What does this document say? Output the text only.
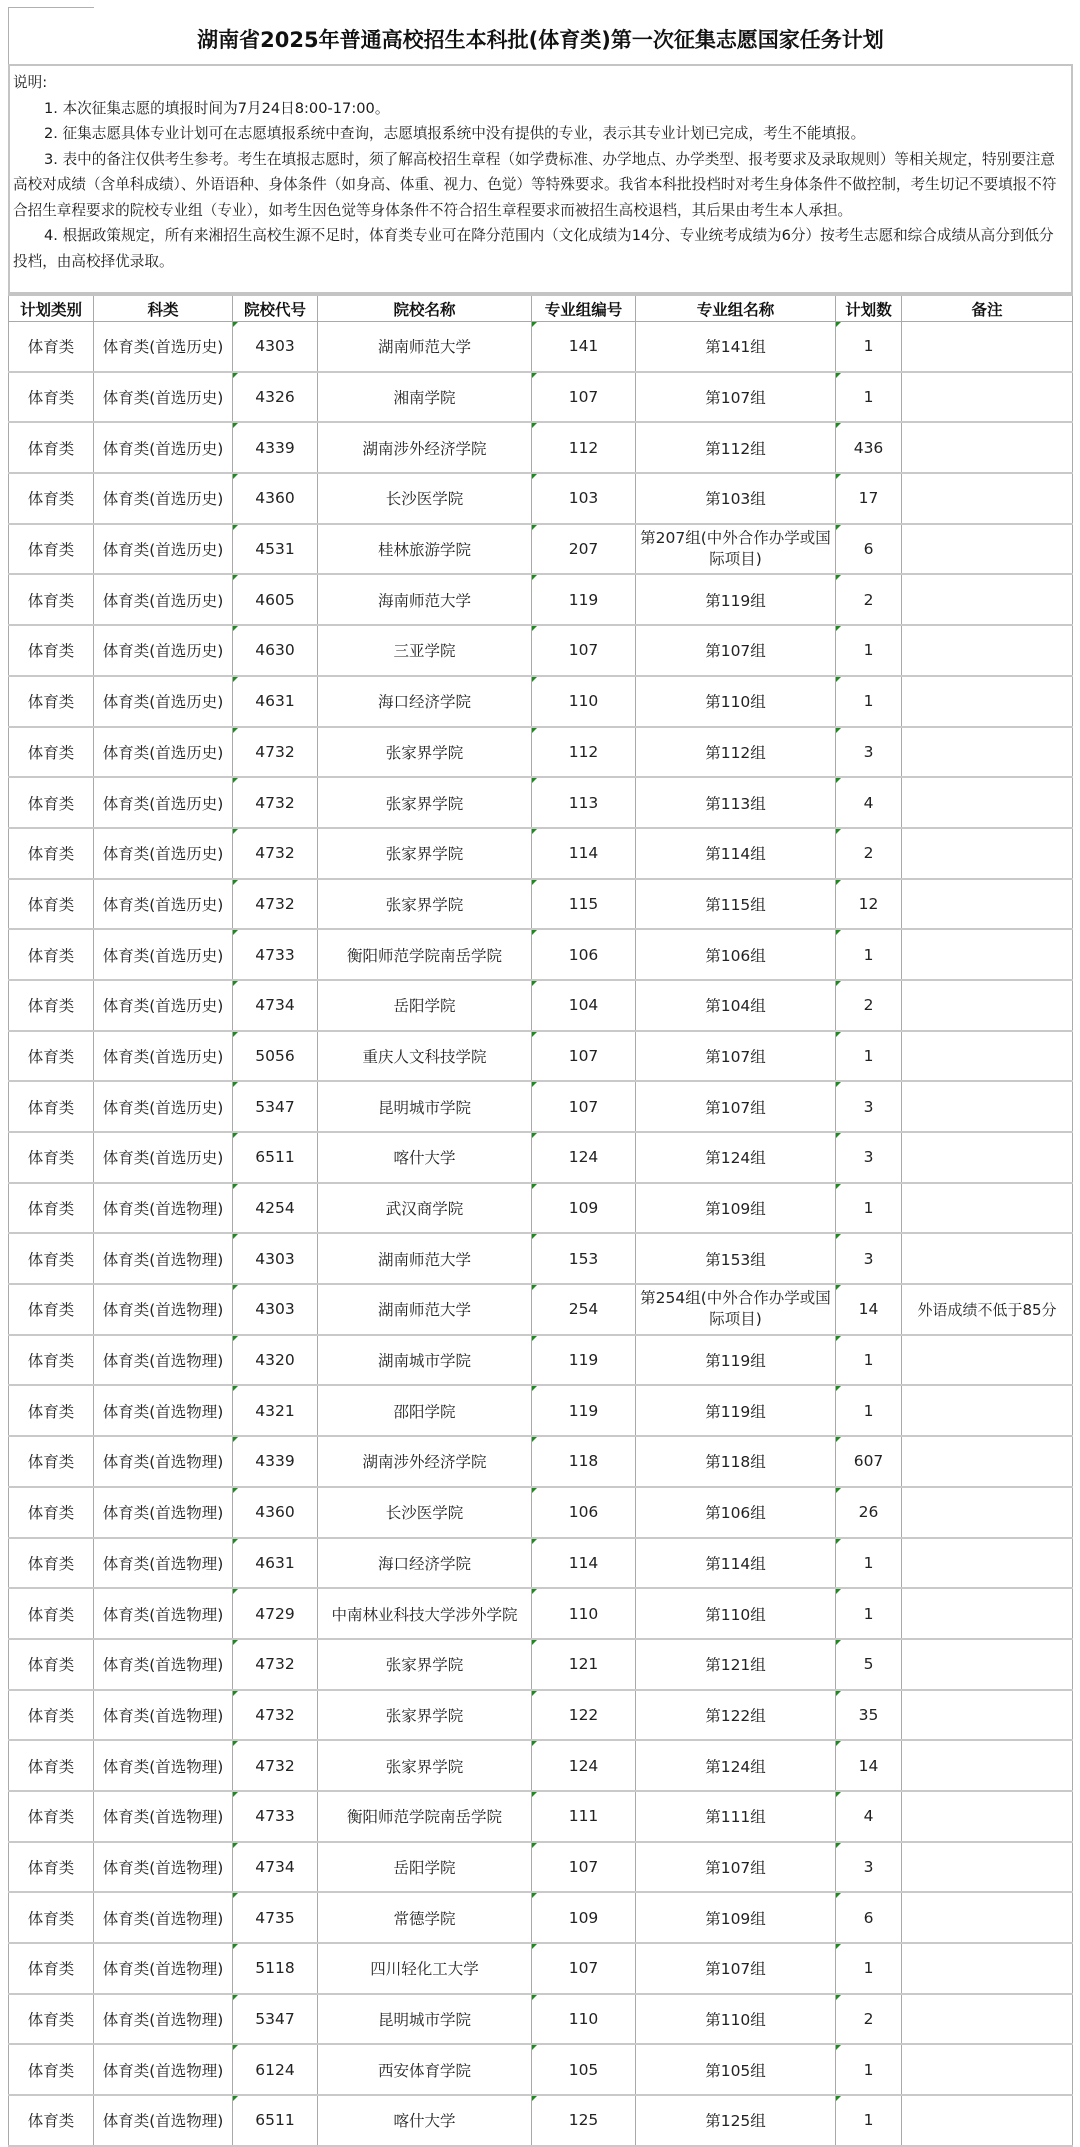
湖南省2025年普通高校招生本科批(体育类)第一次征集志愿国家任务计划

说明:

1. 本次征集志愿的填报时间为7月24日8:00-17:00。

2. 征集志愿具体专业计划可在志愿填报系统中查询，志愿填报系统中没有提供的专业，表示其专业计划已完成，考生不能填报。

3. 表中的备注仅供考生参考。考生在填报志愿时，须了解高校招生章程（如学费标准、办学地点、办学类型、报考要求及录取规则）等相关规定，特别要注意高校对成绩（含单科成绩）、外语语种、身体条件（如身高、体重、视力、色觉）等特殊要求。我省本科批投档时对考生身体条件不做控制，考生切记不要填报不符合招生章程要求的院校专业组（专业），如考生因色觉等身体条件不符合招生章程要求而被招生高校退档，其后果由考生本人承担。

4. 根据政策规定，所有来湘招生高校生源不足时，体育类专业可在降分范围内（文化成绩为14分、专业统考成绩为6分）按考生志愿和综合成绩从高分到低分投档，由高校择优录取。

计划类别	科类	院校代号	院校名称	专业组编号	专业组名称	计划数	备注
体育类	体育类(首选历史)	4303	湖南师范大学	141	第141组	1	
体育类	体育类(首选历史)	4326	湘南学院	107	第107组	1	
体育类	体育类(首选历史)	4339	湖南涉外经济学院	112	第112组	436	
体育类	体育类(首选历史)	4360	长沙医学院	103	第103组	17	
体育类	体育类(首选历史)	4531	桂林旅游学院	207	第207组(中外合作办学或国际项目)	6	
体育类	体育类(首选历史)	4605	海南师范大学	119	第119组	2	
体育类	体育类(首选历史)	4630	三亚学院	107	第107组	1	
体育类	体育类(首选历史)	4631	海口经济学院	110	第110组	1	
体育类	体育类(首选历史)	4732	张家界学院	112	第112组	3	
体育类	体育类(首选历史)	4732	张家界学院	113	第113组	4	
体育类	体育类(首选历史)	4732	张家界学院	114	第114组	2	
体育类	体育类(首选历史)	4732	张家界学院	115	第115组	12	
体育类	体育类(首选历史)	4733	衡阳师范学院南岳学院	106	第106组	1	
体育类	体育类(首选历史)	4734	岳阳学院	104	第104组	2	
体育类	体育类(首选历史)	5056	重庆人文科技学院	107	第107组	1	
体育类	体育类(首选历史)	5347	昆明城市学院	107	第107组	3	
体育类	体育类(首选历史)	6511	喀什大学	124	第124组	3	
体育类	体育类(首选物理)	4254	武汉商学院	109	第109组	1	
体育类	体育类(首选物理)	4303	湖南师范大学	153	第153组	3	
体育类	体育类(首选物理)	4303	湖南师范大学	254	第254组(中外合作办学或国际项目)	14	外语成绩不低于85分
体育类	体育类(首选物理)	4320	湖南城市学院	119	第119组	1	
体育类	体育类(首选物理)	4321	邵阳学院	119	第119组	1	
体育类	体育类(首选物理)	4339	湖南涉外经济学院	118	第118组	607	
体育类	体育类(首选物理)	4360	长沙医学院	106	第106组	26	
体育类	体育类(首选物理)	4631	海口经济学院	114	第114组	1	
体育类	体育类(首选物理)	4729	中南林业科技大学涉外学院	110	第110组	1	
体育类	体育类(首选物理)	4732	张家界学院	121	第121组	5	
体育类	体育类(首选物理)	4732	张家界学院	122	第122组	35	
体育类	体育类(首选物理)	4732	张家界学院	124	第124组	14	
体育类	体育类(首选物理)	4733	衡阳师范学院南岳学院	111	第111组	4	
体育类	体育类(首选物理)	4734	岳阳学院	107	第107组	3	
体育类	体育类(首选物理)	4735	常德学院	109	第109组	6	
体育类	体育类(首选物理)	5118	四川轻化工大学	107	第107组	1	
体育类	体育类(首选物理)	5347	昆明城市学院	110	第110组	2	
体育类	体育类(首选物理)	6124	西安体育学院	105	第105组	1	
体育类	体育类(首选物理)	6511	喀什大学	125	第125组	1	
